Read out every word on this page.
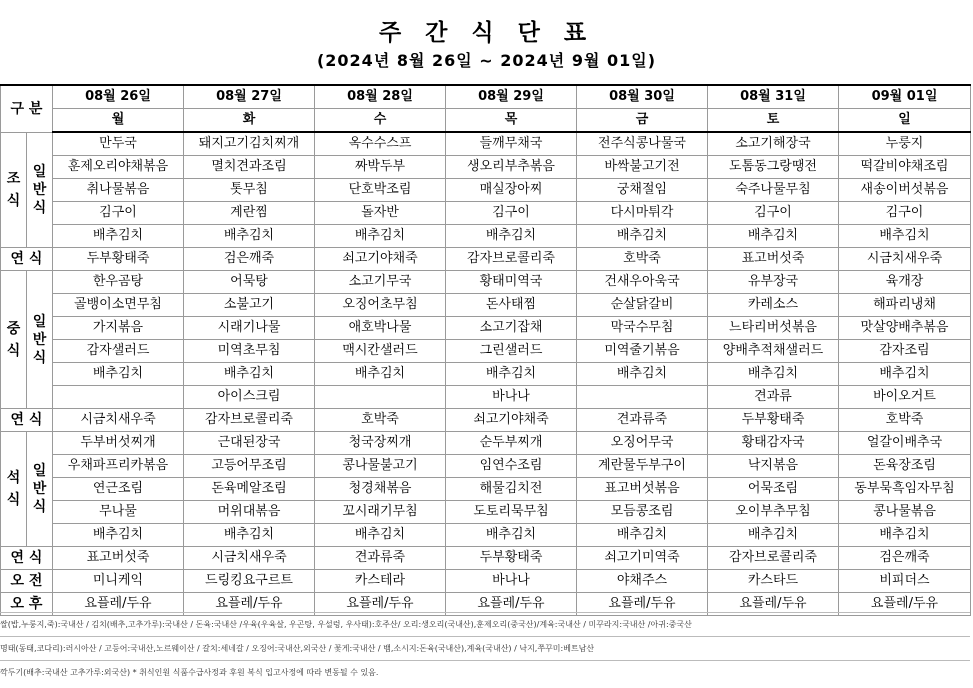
주 간 식 단 표
(2024년 8월 26일 ~ 2024년 9월 01일)
구 분		08월 26일	08월 27일	08월 28일	08월 29일	08월 30일	08월 31일	09월 01일
		월	화	수	목	금	토	일

조
식	일
반
식	만두국	돼지고기김치찌개	옥수수스프	들깨무채국	전주식콩나물국	소고기해장국	누룽지
		훈제오리야채볶음	멸치견과조림	짜박두부	생오리부추볶음	바싹불고기전	도톰동그랑땡전	떡갈비야채조림
		취나물볶음	톳무침	단호박조림	매실장아찌	궁채절임	숙주나물무침	새송이버섯볶음
		김구이	계란찜	돌자반	김구이	다시마튀각	김구이	김구이
		배추김치	배추김치	배추김치	배추김치	배추김치	배추김치	배추김치
연 식		두부황태죽	검은깨죽	쇠고기야채죽	감자브로콜리죽	호박죽	표고버섯죽	시금치새우죽

중
식	일
반
식	한우곰탕	어묵탕	소고기무국	황태미역국	건새우아욱국	유부장국	육개장
		골뱅이소면무침	소불고기	오징어초무침	돈사태찜	순살닭갈비	카레소스	해파리냉채
		가지볶음	시래기나물	애호박나물	소고기잡채	막국수무침	느타리버섯볶음	맛살양배추볶음
		감자샐러드	미역초무침	맥시칸샐러드	그린샐러드	미역줄기볶음	양배추적채샐러드	감자조림
		배추김치	배추김치	배추김치	배추김치	배추김치	배추김치	배추김치
			아이스크림		바나나		견과류	바이오거트
연 식		시금치새우죽	감자브로콜리죽	호박죽	쇠고기야채죽	견과류죽	두부황태죽	호박죽

석
식	일
반
식	두부버섯찌개	근대된장국	청국장찌개	순두부찌개	오징어무국	황태감자국	얼갈이배추국
		우채파프리카볶음	고등어무조림	콩나물불고기	임연수조림	계란물두부구이	낙지볶음	돈육장조림
		연근조림	돈육메알조림	청경채볶음	해물김치전	표고버섯볶음	어묵조림	동부묵흑임자무침
		무나물	머위대볶음	꼬시래기무침	도토리묵무침	모듬콩조림	오이부추무침	콩나물볶음
		배추김치	배추김치	배추김치	배추김치	배추김치	배추김치	배추김치
연 식		표고버섯죽	시금치새우죽	견과류죽	두부황태죽	쇠고기미역죽	감자브로콜리죽	검은깨죽
오 전		미니케익	드링킹요구르트	카스테라	바나나	야채주스	카스타드	비피더스
오 후		요플레/두유	요플레/두유	요플레/두유	요플레/두유	요플레/두유	요플레/두유	요플레/두유
쌀(밥,누룽지,죽):국내산 / 김치(배추,고추가루):국내산 / 돈육:국내산 /우육(우육살, 우곤탕, 우설렁, 우사태):호주산/ 오리:생오리(국내산),훈제오리(중국산)/계육:국내산 / 미꾸라지:국내산 /아귀:중국산
명태(동태,코다리):러시아산 / 고등어:국내산,노르웨이산 / 갈치:세네갈 / 오징어:국내산,외국산 / 꽃게:국내산 / 뱀,소시지:돈육(국내산),계육(국내산) / 낙지,쭈꾸미:베트남산
깍두기(배추:국내산 고추가루:외국산) * 취식인원 식품수급사정과 후원 복식 입고사정에 따라 변동될 수 있음.
